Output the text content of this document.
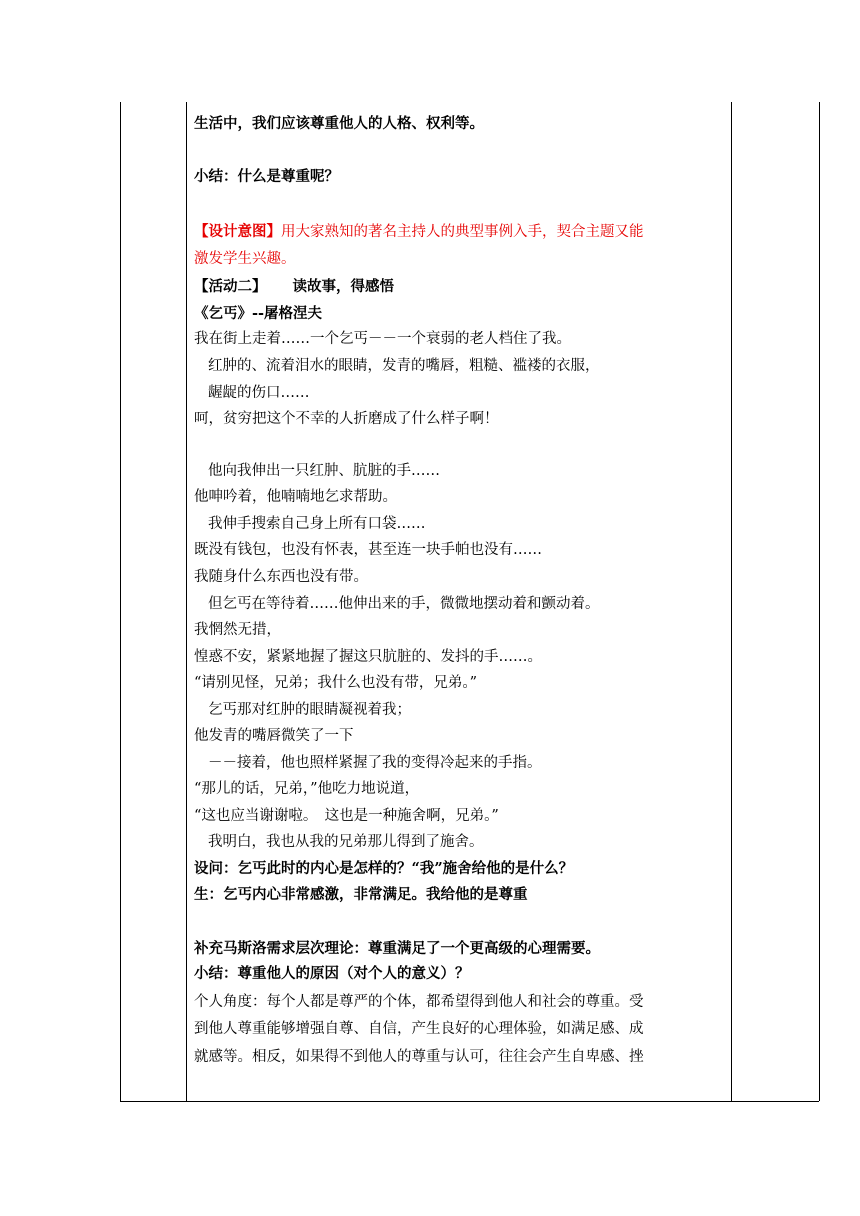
生活中，我们应该尊重他人的人格、权利等。
小结：什么是尊重呢？
【设计意图】用大家熟知的著名主持人的典型事例入手，契合主题又能
激发学生兴趣。
【活动二】 读故事，得感悟
《乞丐》--屠格涅夫
我在街上走着……一个乞丐－－一个衰弱的老人档住了我。
红肿的、流着泪水的眼睛，发青的嘴唇，粗糙、褴褛的衣服，
龌龊的伤口……
呵，贫穷把这个不幸的人折磨成了什么样子啊！
他向我伸出一只红肿、肮脏的手……
他呻吟着，他喃喃地乞求帮助。
我伸手搜索自己身上所有口袋……
既没有钱包，也没有怀表，甚至连一块手帕也没有……
我随身什么东西也没有带。
但乞丐在等待着……他伸出来的手，微微地摆动着和颤动着。
我惘然无措，
惶惑不安，紧紧地握了握这只肮脏的、发抖的手……。
“请别见怪，兄弟；我什么也没有带，兄弟。”
乞丐那对红肿的眼睛凝视着我；
他发青的嘴唇微笑了一下
－－接着，他也照样紧握了我的变得冷起来的手指。
“那儿的话，兄弟，”他吃力地说道，
“这也应当谢谢啦。　这也是一种施舍啊，兄弟。”
我明白，我也从我的兄弟那儿得到了施舍。
设问：乞丐此时的内心是怎样的？“我”施舍给他的是什么？
生：乞丐内心非常感激，非常满足。我给他的是尊重
补充马斯洛需求层次理论：尊重满足了一个更高级的心理需要。
小结：尊重他人的原因（对个人的意义）？
个人角度：每个人都是尊严的个体，都希望得到他人和社会的尊重。受
到他人尊重能够增强自尊、自信，产生良好的心理体验，如满足感、成
就感等。相反，如果得不到他人的尊重与认可，往往会产生自卑感、挫
